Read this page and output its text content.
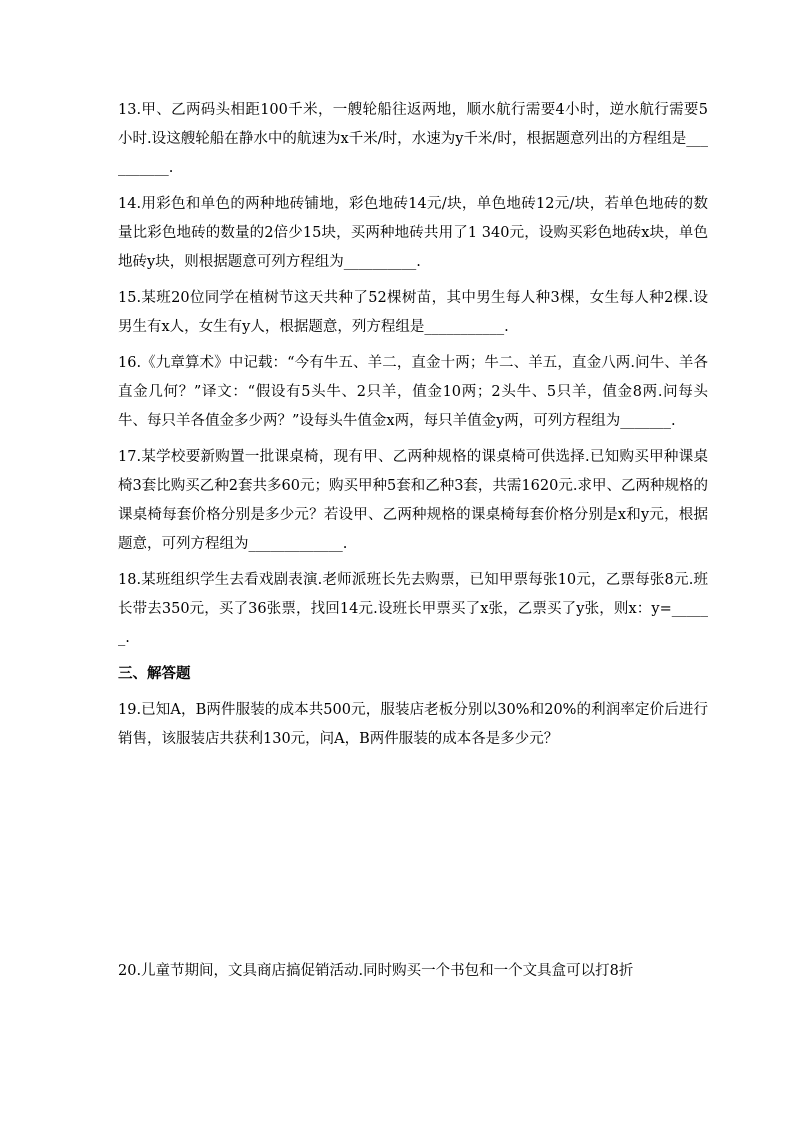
13.甲、乙两码头相距100千米，一艘轮船往返两地，顺水航行需要4小时，逆水航行需要5小时.设这艘轮船在静水中的航速为x千米/时，水速为y千米/时，根据题意列出的方程组是__________.

14.用彩色和单色的两种地砖铺地，彩色地砖14元/块，单色地砖12元/块，若单色地砖的数量比彩色地砖的数量的2倍少15块，买两种地砖共用了1 340元，设购买彩色地砖x块，单色地砖y块，则根据题意可列方程组为__________.

15.某班20位同学在植树节这天共种了52棵树苗，其中男生每人种3棵，女生每人种2棵.设男生有x人，女生有y人，根据题意，列方程组是___________.

16.《九章算术》中记载：“今有牛五、羊二，直金十两；牛二、羊五，直金八两.问牛、羊各直金几何？”译文：“假设有5头牛、2只羊，值金10两；2头牛、5只羊，值金8两.问每头牛、每只羊各值金多少两？”设每头牛值金x两，每只羊值金y两，可列方程组为_______.

17.某学校要新购置一批课桌椅，现有甲、乙两种规格的课桌椅可供选择.已知购买甲种课桌椅3套比购买乙种2套共多60元；购买甲种5套和乙种3套，共需1620元.求甲、乙两种规格的课桌椅每套价格分别是多少元？若设甲、乙两种规格的课桌椅每套价格分别是x和y元，根据题意，可列方程组为_____________.

18.某班组织学生去看戏剧表演.老师派班长先去购票，已知甲票每张10元，乙票每张8元.班长带去350元，买了36张票，找回14元.设班长甲票买了x张，乙票买了y张，则x：y=______.

三、解答题

19.已知A，B两件服装的成本共500元，服装店老板分别以30%和20%的利润率定价后进行销售，该服装店共获利130元，问A，B两件服装的成本各是多少元？

20.儿童节期间，文具商店搞促销活动.同时购买一个书包和一个文具盒可以打8折
